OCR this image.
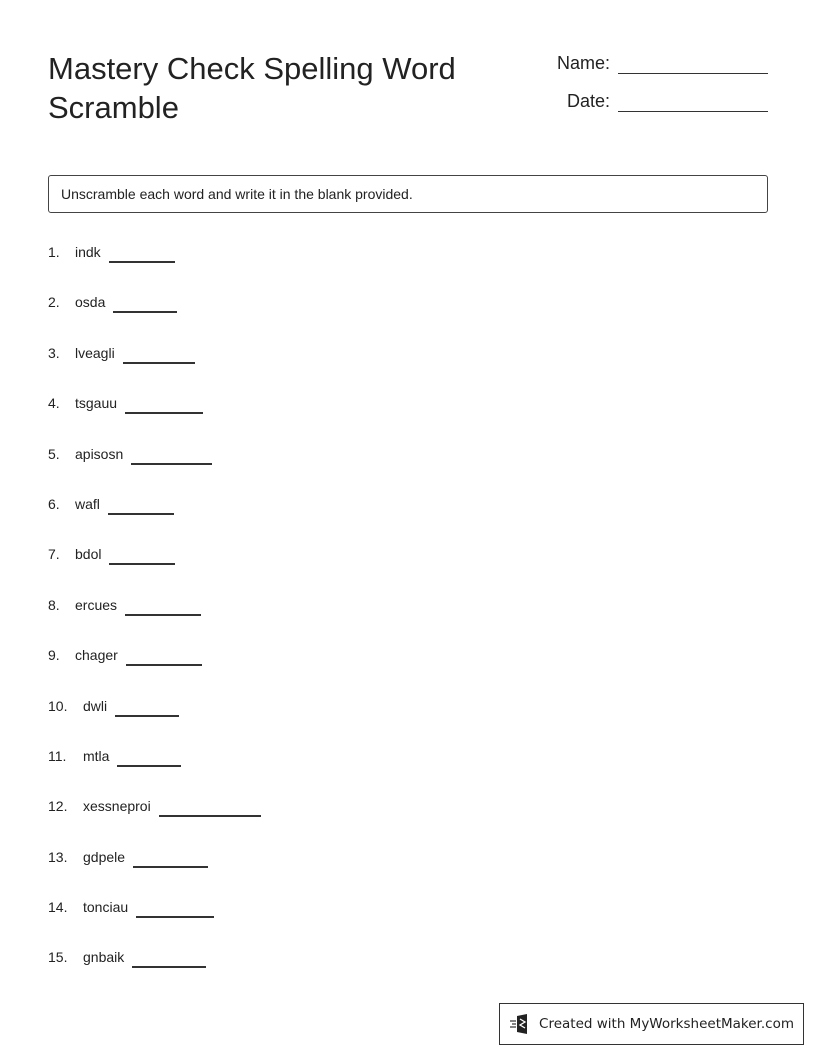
Mastery Check Spelling Word Scramble
Name:
Date:
Unscramble each word and write it in the blank provided.
1.	indk
2.	osda
3.	lveagli
4.	tsgauu
5.	apisosn
6.	wafl
7.	bdol
8.	ercues
9.	chager
10.	dwli
11.	mtla
12.	xessneproi
13.	gdpele
14.	tonciau
15.	gnbaik
Created with MyWorksheetMaker.com
